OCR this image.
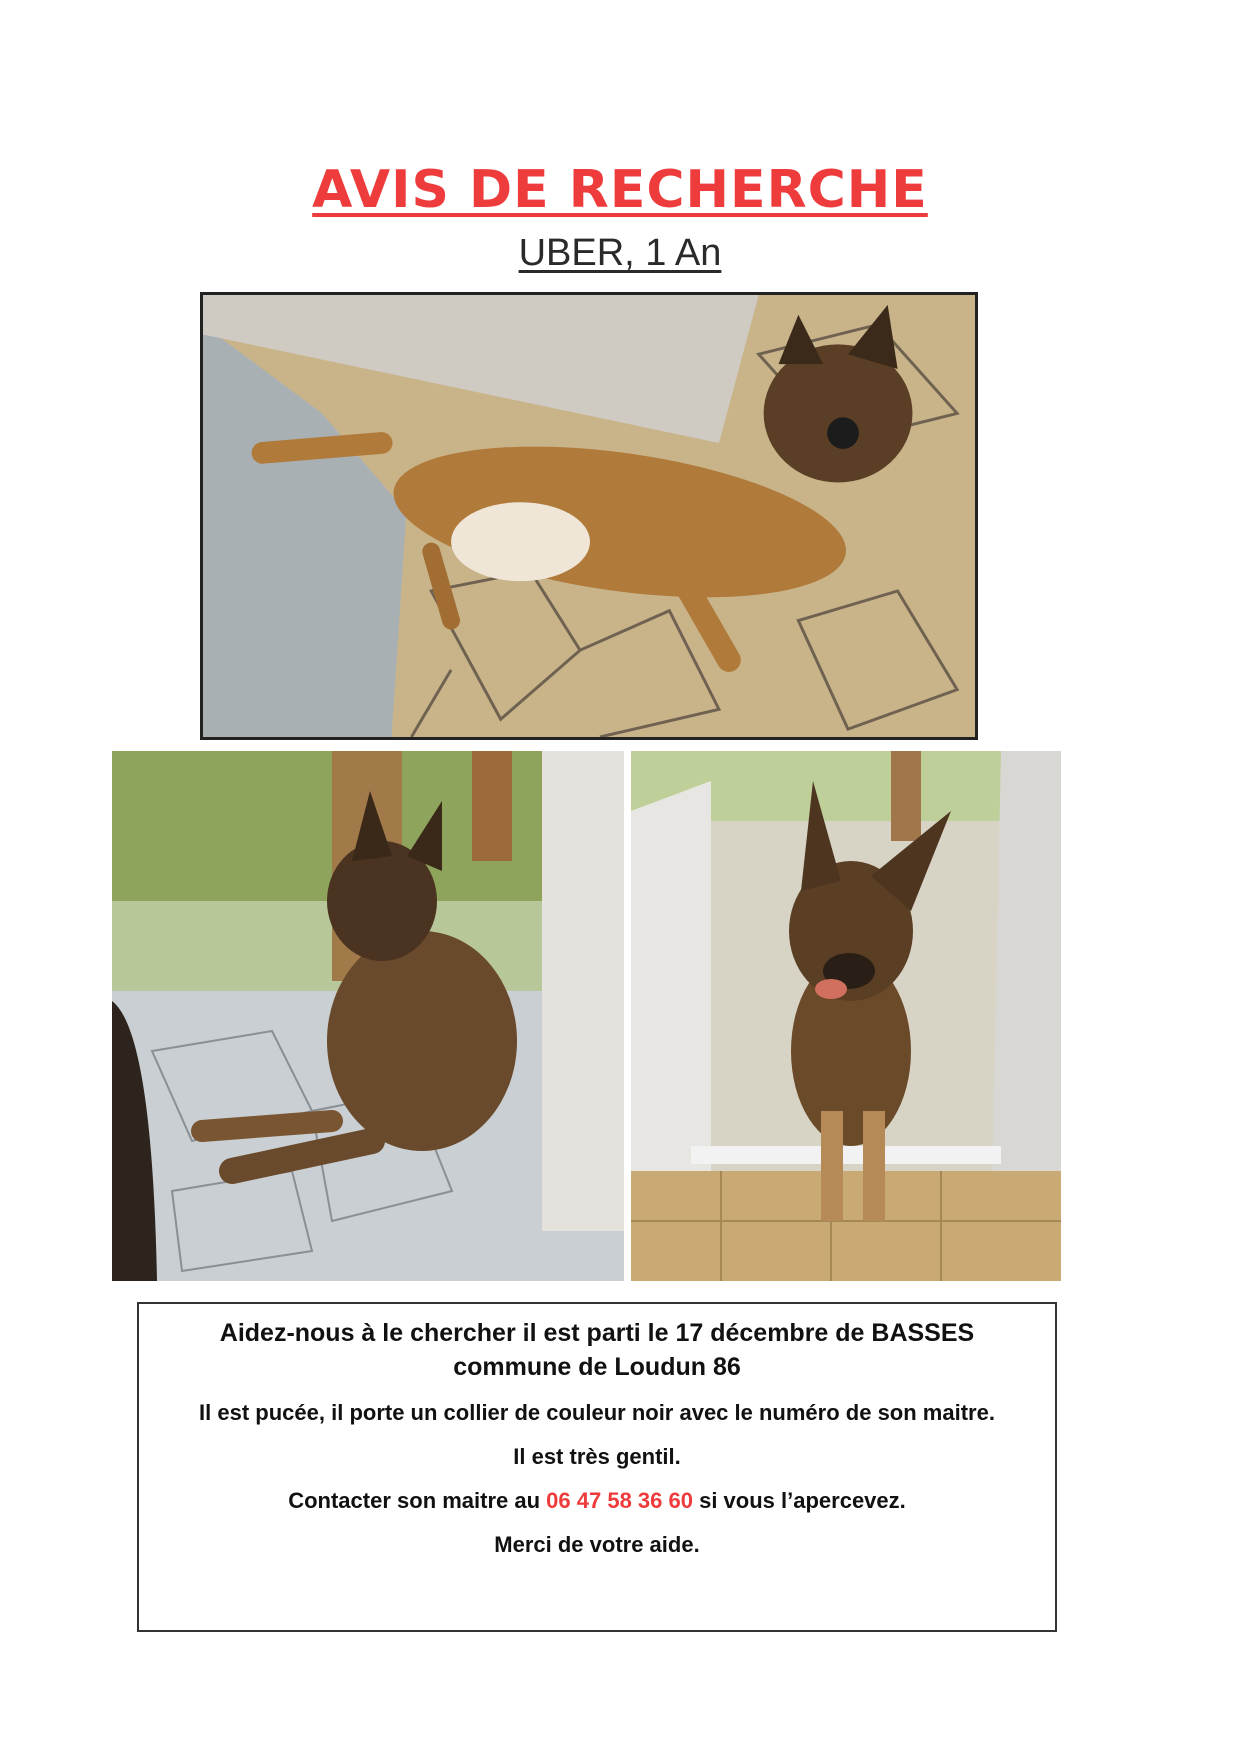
AVIS DE RECHERCHE
UBER, 1 An

Aidez-nous à le chercher il est parti le 17 décembre de BASSES commune de Loudun 86

Il est pucée, il porte un collier de couleur noir avec le numéro de son maitre.

Il est très gentil.

Contacter son maitre au 06 47 58 36 60 si vous l’apercevez.

Merci de votre aide.
